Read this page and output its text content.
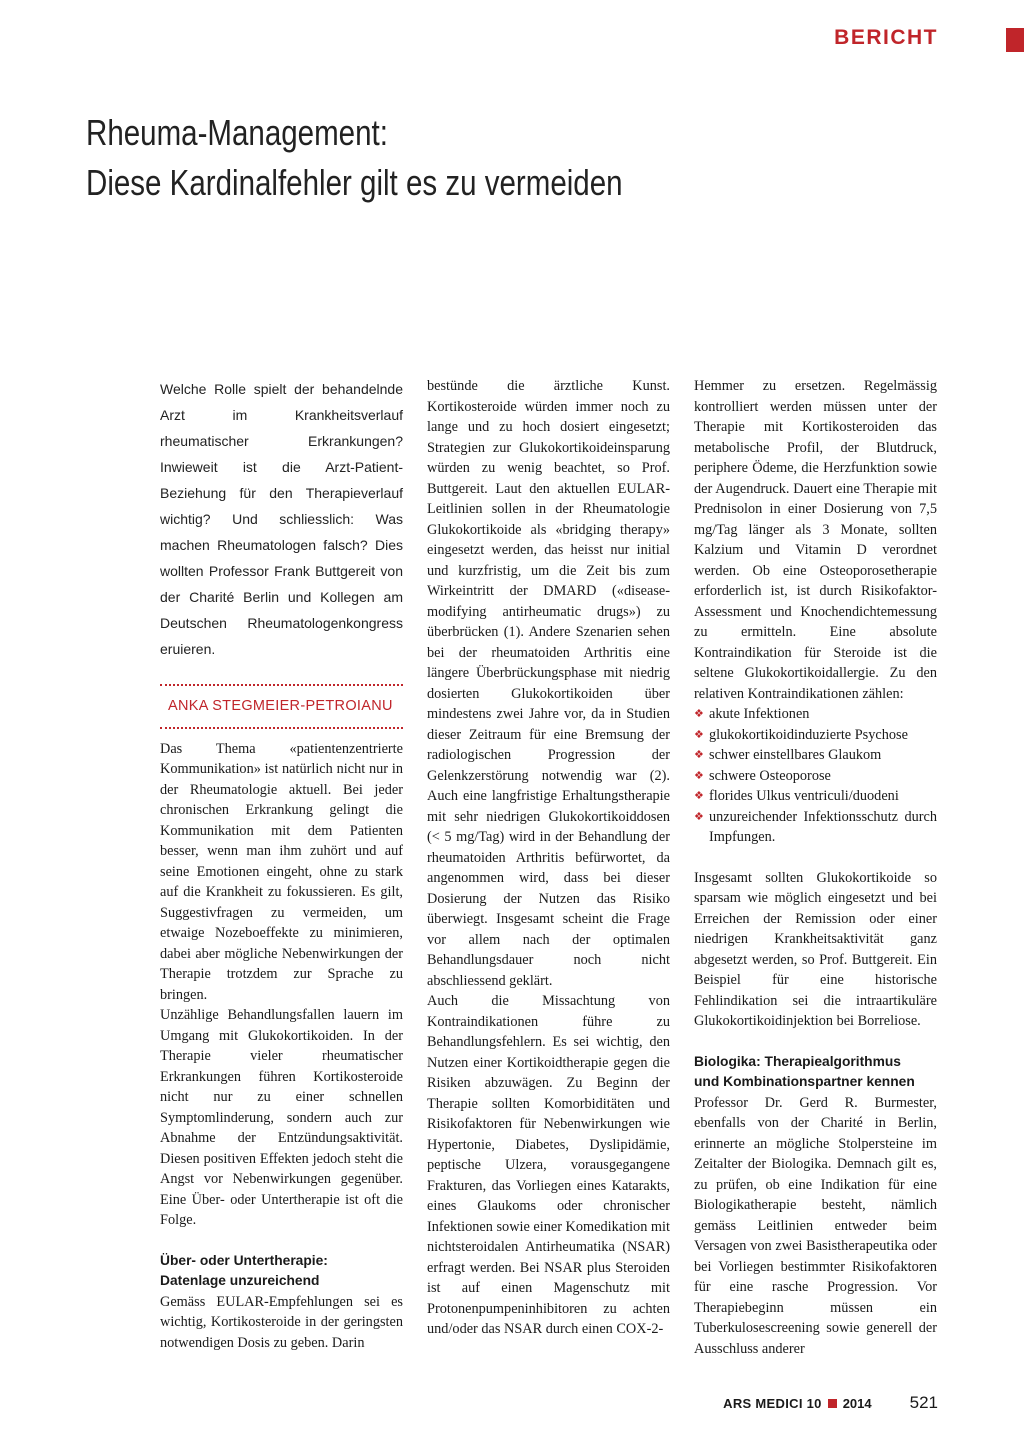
BERICHT
Rheuma-Management:
Diese Kardinalfehler gilt es zu vermeiden

Welche Rolle spielt der behandelnde Arzt im Krankheitsverlauf rheumatischer Erkrankungen? Inwieweit ist die Arzt-Patient-Beziehung für den Therapieverlauf wichtig? Und schliesslich: Was machen Rheumatologen falsch? Dies wollten Professor Frank Buttgereit von der Charité Berlin und Kollegen am Deutschen Rheumatologenkongress eruieren.

ANKA STEGMEIER-PETROIANU

Das Thema «patientenzentrierte Kommunikation» ist natürlich nicht nur in der Rheumatologie aktuell. Bei jeder chronischen Erkrankung gelingt die Kommunikation mit dem Patienten besser, wenn man ihm zuhört und auf seine Emotionen eingeht, ohne zu stark auf die Krankheit zu fokussieren. Es gilt, Suggestivfragen zu vermeiden, um etwaige Nozeboeffekte zu minimieren, dabei aber mögliche Nebenwirkungen der Therapie trotzdem zur Sprache zu bringen.

Unzählige Behandlungsfallen lauern im Umgang mit Glukokortikoiden. In der Therapie vieler rheumatischer Erkrankungen führen Kortikosteroide nicht nur zu einer schnellen Symptomlinderung, sondern auch zur Abnahme der Entzündungsaktivität. Diesen positiven Effekten jedoch steht die Angst vor Nebenwirkungen gegenüber. Eine Über- oder Untertherapie ist oft die Folge.

Über- oder Untertherapie:
Datenlage unzureichend

Gemäss EULAR-Empfehlungen sei es wichtig, Kortikosteroide in der geringsten notwendigen Dosis zu geben. Darin

bestünde die ärztliche Kunst. Kortikosteroide würden immer noch zu lange und zu hoch dosiert eingesetzt; Strategien zur Glukokortikoideinsparung würden zu wenig beachtet, so Prof. Buttgereit. Laut den aktuellen EULAR-Leitlinien sollen in der Rheumatologie Glukokortikoide als «bridging therapy» eingesetzt werden, das heisst nur initial und kurzfristig, um die Zeit bis zum Wirkeintritt der DMARD («disease-modifying antirheumatic drugs») zu überbrücken (1). Andere Szenarien sehen bei der rheumatoiden Arthritis eine längere Überbrückungsphase mit niedrig dosierten Glukokortikoiden über mindestens zwei Jahre vor, da in Studien dieser Zeitraum für eine Bremsung der radiologischen Progression der Gelenkzerstörung notwendig war (2). Auch eine langfristige Erhaltungstherapie mit sehr niedrigen Glukokortikoiddosen (< 5 mg/Tag) wird in der Behandlung der rheumatoiden Arthritis befürwortet, da angenommen wird, dass bei dieser Dosierung der Nutzen das Risiko überwiegt. Insgesamt scheint die Frage vor allem nach der optimalen Behandlungsdauer noch nicht abschliessend geklärt.

Auch die Missachtung von Kontraindikationen führe zu Behandlungsfehlern. Es sei wichtig, den Nutzen einer Kortikoidtherapie gegen die Risiken abzuwägen. Zu Beginn der Therapie sollten Komorbiditäten und Risikofaktoren für Nebenwirkungen wie Hypertonie, Diabetes, Dyslipidämie, peptische Ulzera, vorausgegangene Frakturen, das Vorliegen eines Katarakts, eines Glaukoms oder chronischer Infektionen sowie einer Komedikation mit nichtsteroidalen Antirheumatika (NSAR) erfragt werden. Bei NSAR plus Steroiden ist auf einen Magenschutz mit Protonenpumpeninhibitoren zu achten und/oder das NSAR durch einen COX-2-

Hemmer zu ersetzen. Regelmässig kontrolliert werden müssen unter der Therapie mit Kortikosteroiden das metabolische Profil, der Blutdruck, periphere Ödeme, die Herzfunktion sowie der Augendruck. Dauert eine Therapie mit Prednisolon in einer Dosierung von 7,5 mg/Tag länger als 3 Monate, sollten Kalzium und Vitamin D verordnet werden. Ob eine Osteoporosetherapie erforderlich ist, ist durch Risikofaktor-Assessment und Knochendichtemessung zu ermitteln. Eine absolute Kontraindikation für Steroide ist die seltene Glukokortikoidallergie. Zu den relativen Kontraindikationen zählen:

❖ akute Infektionen
❖ glukokortikoidinduzierte Psychose
❖ schwer einstellbares Glaukom
❖ schwere Osteoporose
❖ florides Ulkus ventriculi/duodeni
❖ unzureichender Infektionsschutz durch Impfungen.

Insgesamt sollten Glukokortikoide so sparsam wie möglich eingesetzt und bei Erreichen der Remission oder einer niedrigen Krankheitsaktivität ganz abgesetzt werden, so Prof. Buttgereit. Ein Beispiel für eine historische Fehlindikation sei die intraartikuläre Glukokortikoidinjektion bei Borreliose.

Biologika: Therapiealgorithmus
und Kombinationspartner kennen

Professor Dr. Gerd R. Burmester, ebenfalls von der Charité in Berlin, erinnerte an mögliche Stolpersteine im Zeitalter der Biologika. Demnach gilt es, zu prüfen, ob eine Indikation für eine Biologikatherapie besteht, nämlich gemäss Leitlinien entweder beim Versagen von zwei Basistherapeutika oder bei Vorliegen bestimmter Risikofaktoren für eine rasche Progression. Vor Therapiebeginn müssen ein Tuberkulosescreening sowie generell der Ausschluss anderer

ARS MEDICI 10 2014 521
